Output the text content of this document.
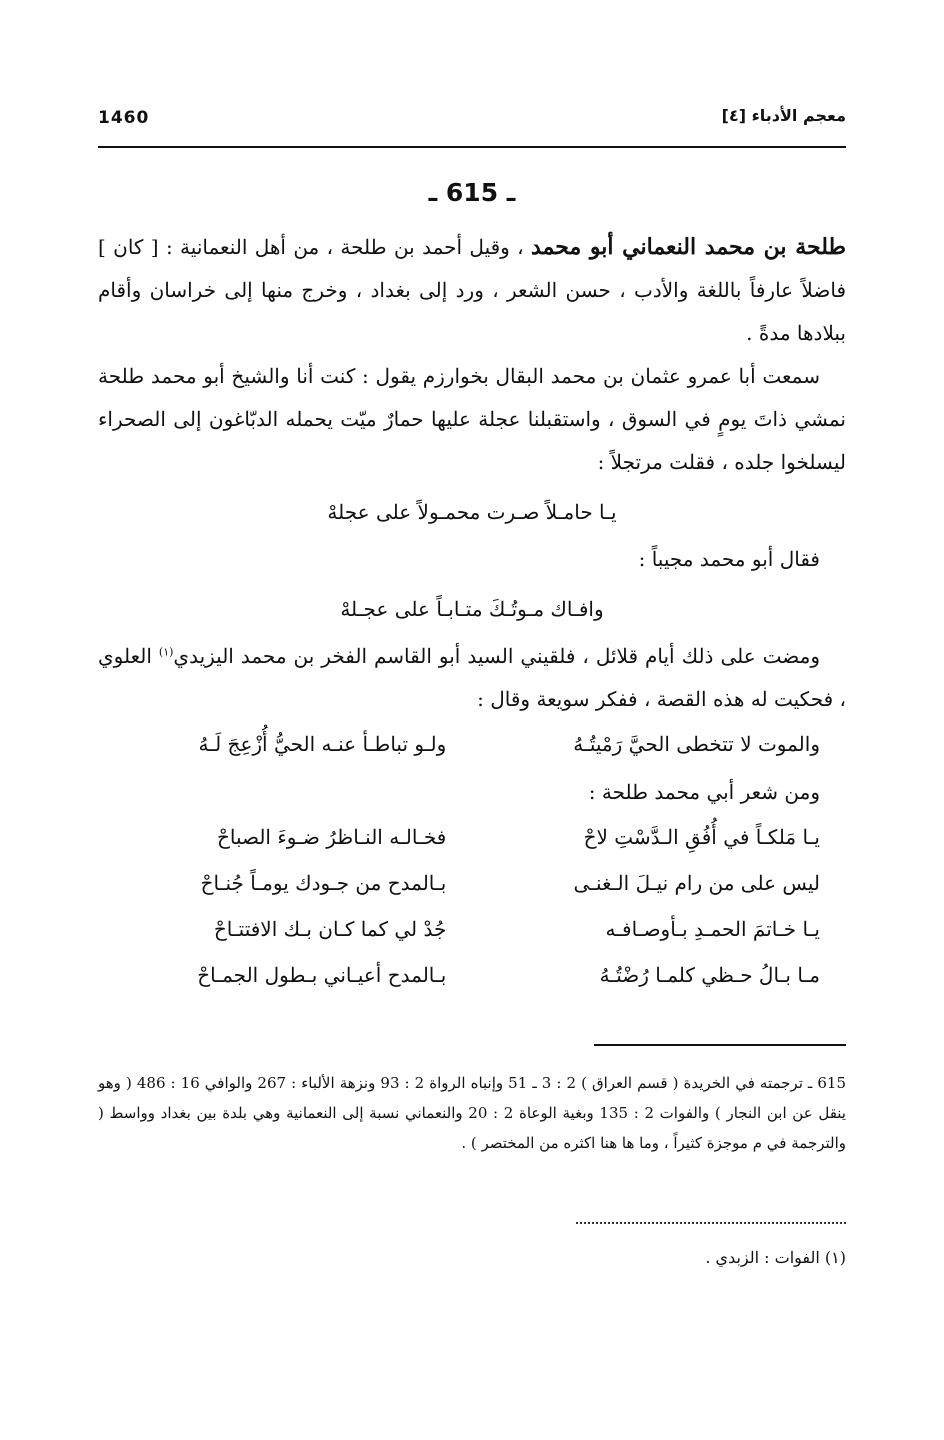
1460	معجم الأدباء [٤]
ـ 615 ـ

طلحة بن محمد النعماني أبو محمد ، وقيل أحمد بن طلحة ، من أهل النعمانية : [ كان ] فاضلاً عارفاً باللغة والأدب ، حسن الشعر ، ورد إلى بغداد ، وخرج منها إلى خراسان وأقام ببلادها مدةً .

سمعت أبا عمرو عثمان بن محمد البقال بخوارزم يقول : كنت أنا والشيخ أبو محمد طلحة نمشي ذاتَ يومٍ في السوق ، واستقبلنا عجلة عليها حمارٌ ميّت يحمله الدبّاغون إلى الصحراء ليسلخوا جلده ، فقلت مرتجلاً :

يـا حامـلاً صـرت محمـولاً على عجلهْ

فقال أبو محمد مجيباً :

وافـاك مـوتُـكَ متـابـاً على عجـلهْ

ومضت على ذلك أيام قلائل ، فلقيني السيد أبو القاسم الفخر بن محمد اليزيدي$^{(١)}$ العلوي ، فحكيت له هذه القصة ، ففكر سويعة وقال :

والموت لا تتخطى الحيَّ رَمْيتُـهُ
ولـو تباطـأ عنـه الحيُّ أُزْعِجَ لَـهُ

ومن شعر أبي محمد طلحة :

يـا مَلكـاً في أُفُقِ الـدَّسْتِ لاحْ
فخـالـه النـاظرُ ضـوءَ الصباحْ
ليس على من رام نيـلَ الـغنـى
بـالمدح من جـودك يومـاً جُنـاحْ
يـا خـاتمَ الحمـدِ بـأوصـافـه
جُدْ لي كما كـان بـك الافتتـاحْ
مـا بـالُ حـظي كلمـا رُضْتُـهُ
بـالمدح أعيـاني بـطول الجمـاحْ

615 ـ ترجمته في الخريدة ( قسم العراق ) 2 : 3 ـ 51 وإنباه الرواة 2 : 93 ونزهة الألباء : 267 والوافي 16 : 486 ( وهو ينقل عن ابن النجار ) والفوات 2 : 135 وبغية الوعاة 2 : 20 والنعماني نسبة إلى النعمانية وهي بلدة بين بغداد وواسط ( والترجمة في م موجزة كثيراً ، وما ها هنا اكثره من المختصر ) .

(١) الفوات : الزبدي .
